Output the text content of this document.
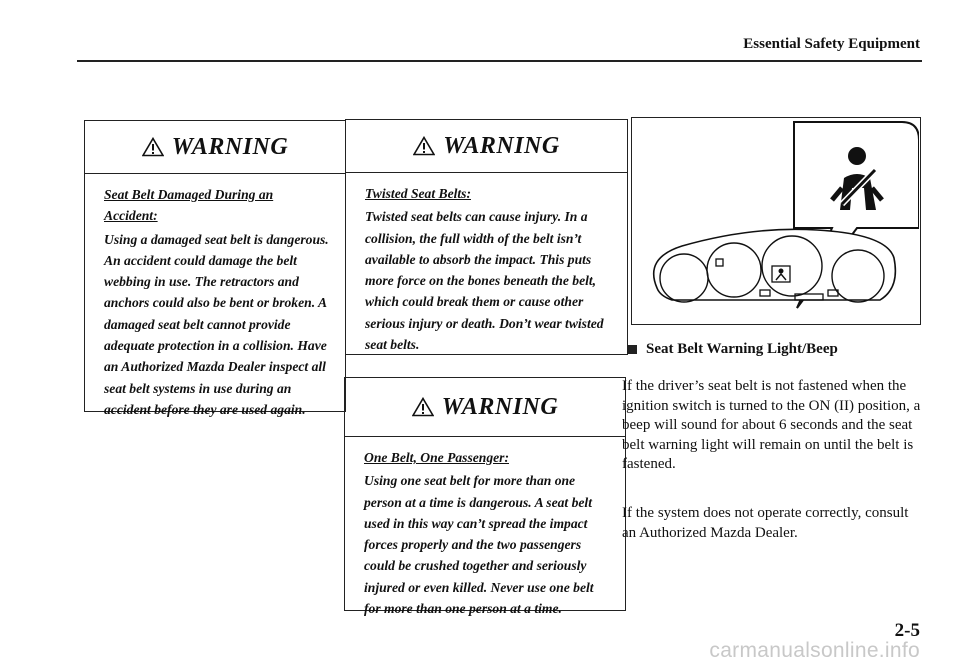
Essential Safety Equipment
WARNING
Seat Belt Damaged During an Accident:
Using a damaged seat belt is dangerous. An accident could damage the belt webbing in use. The retractors and anchors could also be bent or broken. A damaged seat belt cannot provide adequate protection in a collision. Have an Authorized Mazda Dealer inspect all seat belt systems in use during an accident before they are used again.
WARNING
Twisted Seat Belts:
Twisted seat belts can cause injury. In a collision, the full width of the belt isn’t available to absorb the impact. This puts more force on the bones beneath the belt, which could break them or cause other serious injury or death. Don’t wear twisted seat belts.
WARNING
One Belt, One Passenger:
Using one seat belt for more than one person at a time is dangerous. A seat belt used in this way can’t spread the impact forces properly and the two passengers could be crushed together and seriously injured or even killed. Never use one belt for more than one person at a time.
Seat Belt Warning Light/Beep
If the driver’s seat belt is not fastened when the ignition switch is turned to the ON (II) position, a beep will sound for about 6 seconds and the seat belt warning light will remain on until the belt is fastened.
If the system does not operate correctly, consult an Authorized Mazda Dealer.
2-5
carmanualsonline.info
